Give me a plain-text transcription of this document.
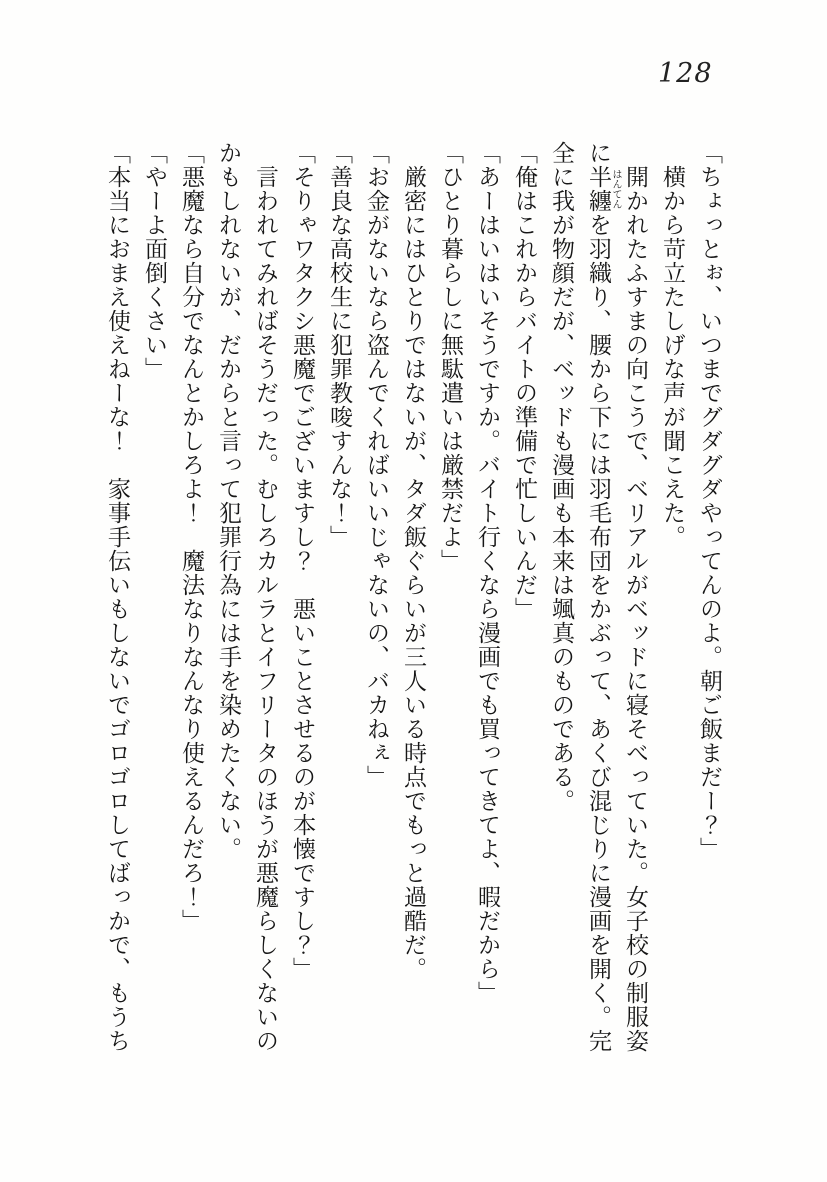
128

「ちょっとぉ、いつまでグダグダやってんのよ。朝ご飯まだー？」

横から苛立たしげな声が聞こえた。

開かれたふすまの向こうで、ベリアルがベッドに寝そべっていた。女子校の制服姿に半纏 はんてんを羽織り、腰から下には羽毛布団をかぶって、あくび混じりに漫画を開く。完全に我が物顔だが、ベッドも漫画も本来は颯真のものである。

「俺はこれからバイトの準備で忙しいんだ」

「あーはいはいそうですか。バイト行くなら漫画でも買ってきてよ、暇だから」

「ひとり暮らしに無駄遣いは厳禁だよ」

厳密にはひとりではないが、タダ飯ぐらいが三人いる時点でもっと過酷だ。

「お金がないなら盗んでくればいいじゃないの、バカねぇ」

「善良な高校生に犯罪教唆すんな！」

「そりゃワタクシ悪魔でございますし？　悪いことさせるのが本懐ですし？」

言われてみればそうだった。むしろカルラとイフリータのほうが悪魔らしくないのかもしれないが、だからと言って犯罪行為には手を染めたくない。

「悪魔なら自分でなんとかしろよ！　魔法なりなんなり使えるんだろ！」

「やーよ面倒くさい」

「本当におまえ使えねーな！　家事手伝いもしないでゴロゴロしてばっかで、もうち
